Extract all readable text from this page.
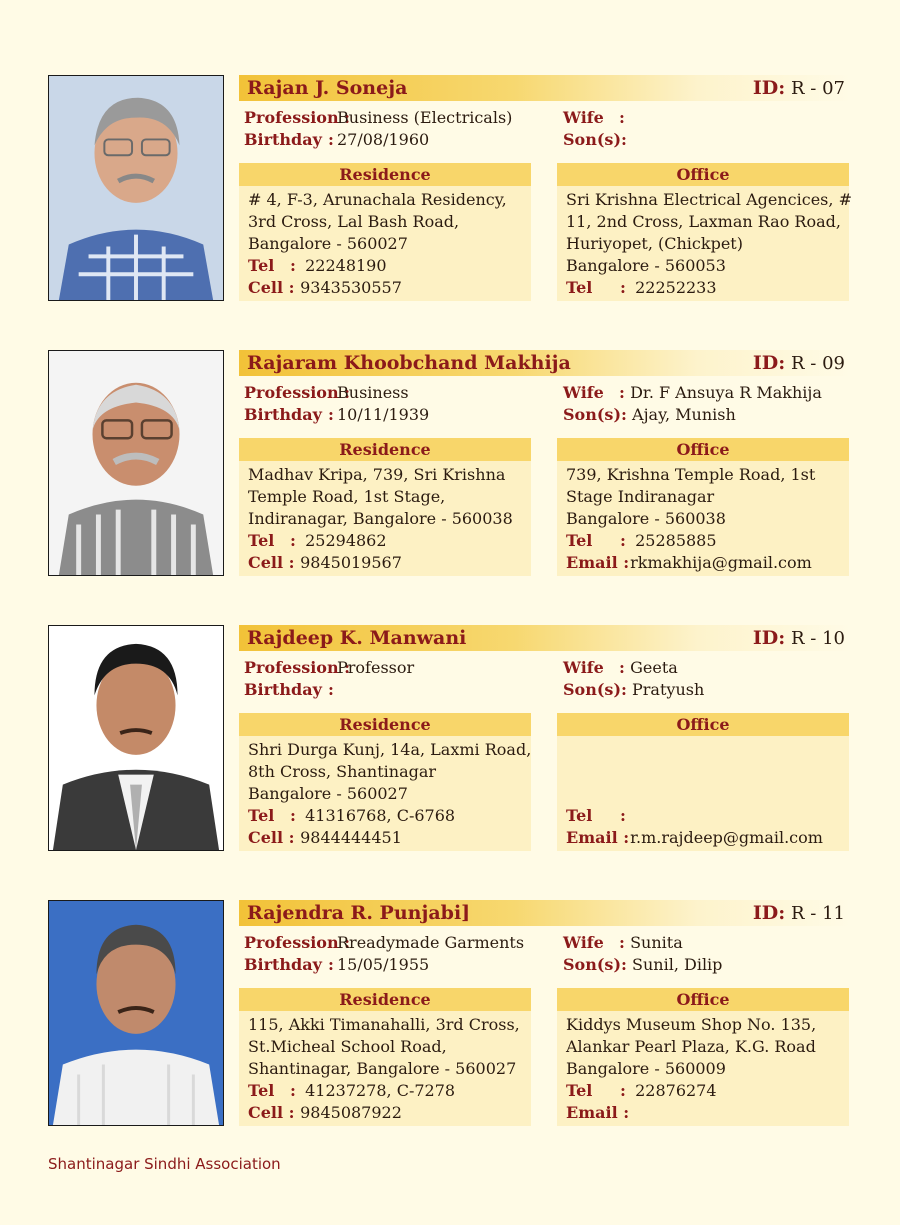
Rajan J. Soneja	ID: R - 07
Profession :Business (Electricals)
Birthday : 27/08/1960
Wife :
Son(s):
Residence
# 4, F-3, Arunachala Residency,
3rd Cross, Lal Bash Road,
Bangalore - 560027
Tel : 22248190
Cell : 9343530557
Office
Sri Krishna Electrical Agencices, #
11, 2nd Cross, Laxman Rao Road,
Huriyopet, (Chickpet)
Bangalore - 560053
Tel : 22252233
Rajaram Khoobchand Makhija	ID: R - 09
Profession :Business
Birthday : 10/11/1939
Wife : Dr. F Ansuya R Makhija
Son(s): Ajay, Munish
Residence
Madhav Kripa, 739, Sri Krishna
Temple Road, 1st Stage,
Indiranagar, Bangalore - 560038
Tel : 25294862
Cell : 9845019567
Office
739, Krishna Temple Road, 1st
Stage Indiranagar
Bangalore - 560038
Tel : 25285885
Email : rkmakhija@gmail.com
Rajdeep K. Manwani	ID: R - 10
Profession :Professor
Birthday :
Wife : Geeta
Son(s): Pratyush
Residence
Shri Durga Kunj, 14a, Laxmi Road,
8th Cross, Shantinagar
Bangalore - 560027
Tel : 41316768, C-6768
Cell : 9844444451
Office

Tel :
Email : r.m.rajdeep@gmail.com
Rajendra R. Punjabi]	ID: R - 11
Profession :Rreadymade Garments
Birthday : 15/05/1955
Wife : Sunita
Son(s): Sunil, Dilip
Residence
115, Akki Timanahalli, 3rd Cross,
St.Micheal School Road,
Shantinagar, Bangalore - 560027
Tel : 41237278, C-7278
Cell : 9845087922
Office
Kiddys Museum Shop No. 135,
Alankar Pearl Plaza, K.G. Road
Bangalore - 560009
Tel : 22876274
Email :
Shantinagar Sindhi Association
